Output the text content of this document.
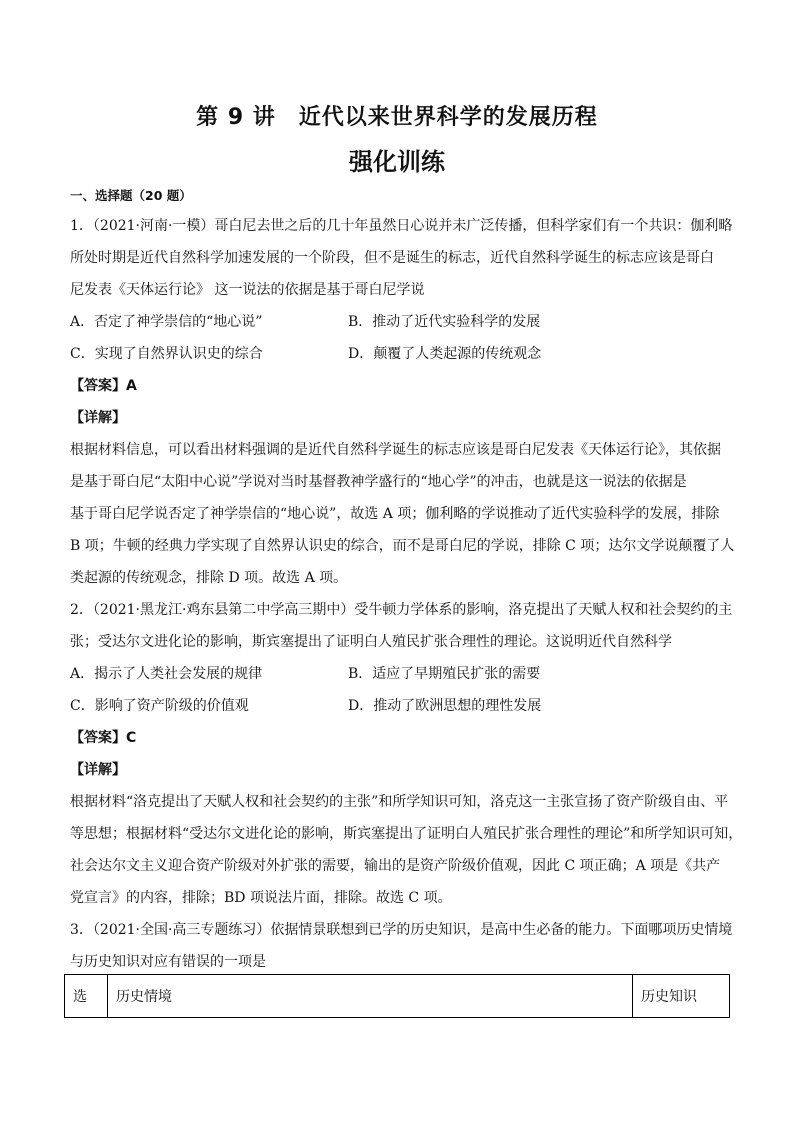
第 9 讲　近代以来世界科学的发展历程
强化训练
一、选择题（20 题）
1．（2021·河南·一模）哥白尼去世之后的几十年虽然日心说并未广泛传播，但科学家们有一个共识：伽利略
所处时期是近代自然科学加速发展的一个阶段，但不是诞生的标志，近代自然科学诞生的标志应该是哥白
尼发表《天体运行论》 这一说法的依据是基于哥白尼学说
A．否定了神学崇信的“地心说”	B．推动了近代实验科学的发展
C．实现了自然界认识史的综合	D．颠覆了人类起源的传统观念
【答案】A
【详解】
根据材料信息，可以看出材料强调的是近代自然科学诞生的标志应该是哥白尼发表《天体运行论》，其依据
是基于哥白尼“太阳中心说”学说对当时基督教神学盛行的“地心学”的冲击，也就是这一说法的依据是
基于哥白尼学说否定了神学崇信的“地心说”，故选 A 项；伽利略的学说推动了近代实验科学的发展，排除
B 项；牛顿的经典力学实现了自然界认识史的综合，而不是哥白尼的学说，排除 C 项；达尔文学说颠覆了人
类起源的传统观念，排除 D 项。故选 A 项。
2．（2021·黑龙江·鸡东县第二中学高三期中）受牛顿力学体系的影响，洛克提出了天赋人权和社会契约的主
张；受达尔文进化论的影响，斯宾塞提出了证明白人殖民扩张合理性的理论。这说明近代自然科学
A．揭示了人类社会发展的规律	B．适应了早期殖民扩张的需要
C．影响了资产阶级的价值观	D．推动了欧洲思想的理性发展
【答案】C
【详解】
根据材料“洛克提出了天赋人权和社会契约的主张”和所学知识可知，洛克这一主张宣扬了资产阶级自由、平
等思想；根据材料“受达尔文进化论的影响，斯宾塞提出了证明白人殖民扩张合理性的理论”和所学知识可知，
社会达尔文主义迎合资产阶级对外扩张的需要，输出的是资产阶级价值观，因此 C 项正确；A 项是《共产
党宣言》的内容，排除；BD 项说法片面，排除。故选 C 项。
3．（2021·全国·高三专题练习）依据情景联想到已学的历史知识，是高中生必备的能力。下面哪项历史情境
与历史知识对应有错误的一项是
选	历史情境	历史知识
